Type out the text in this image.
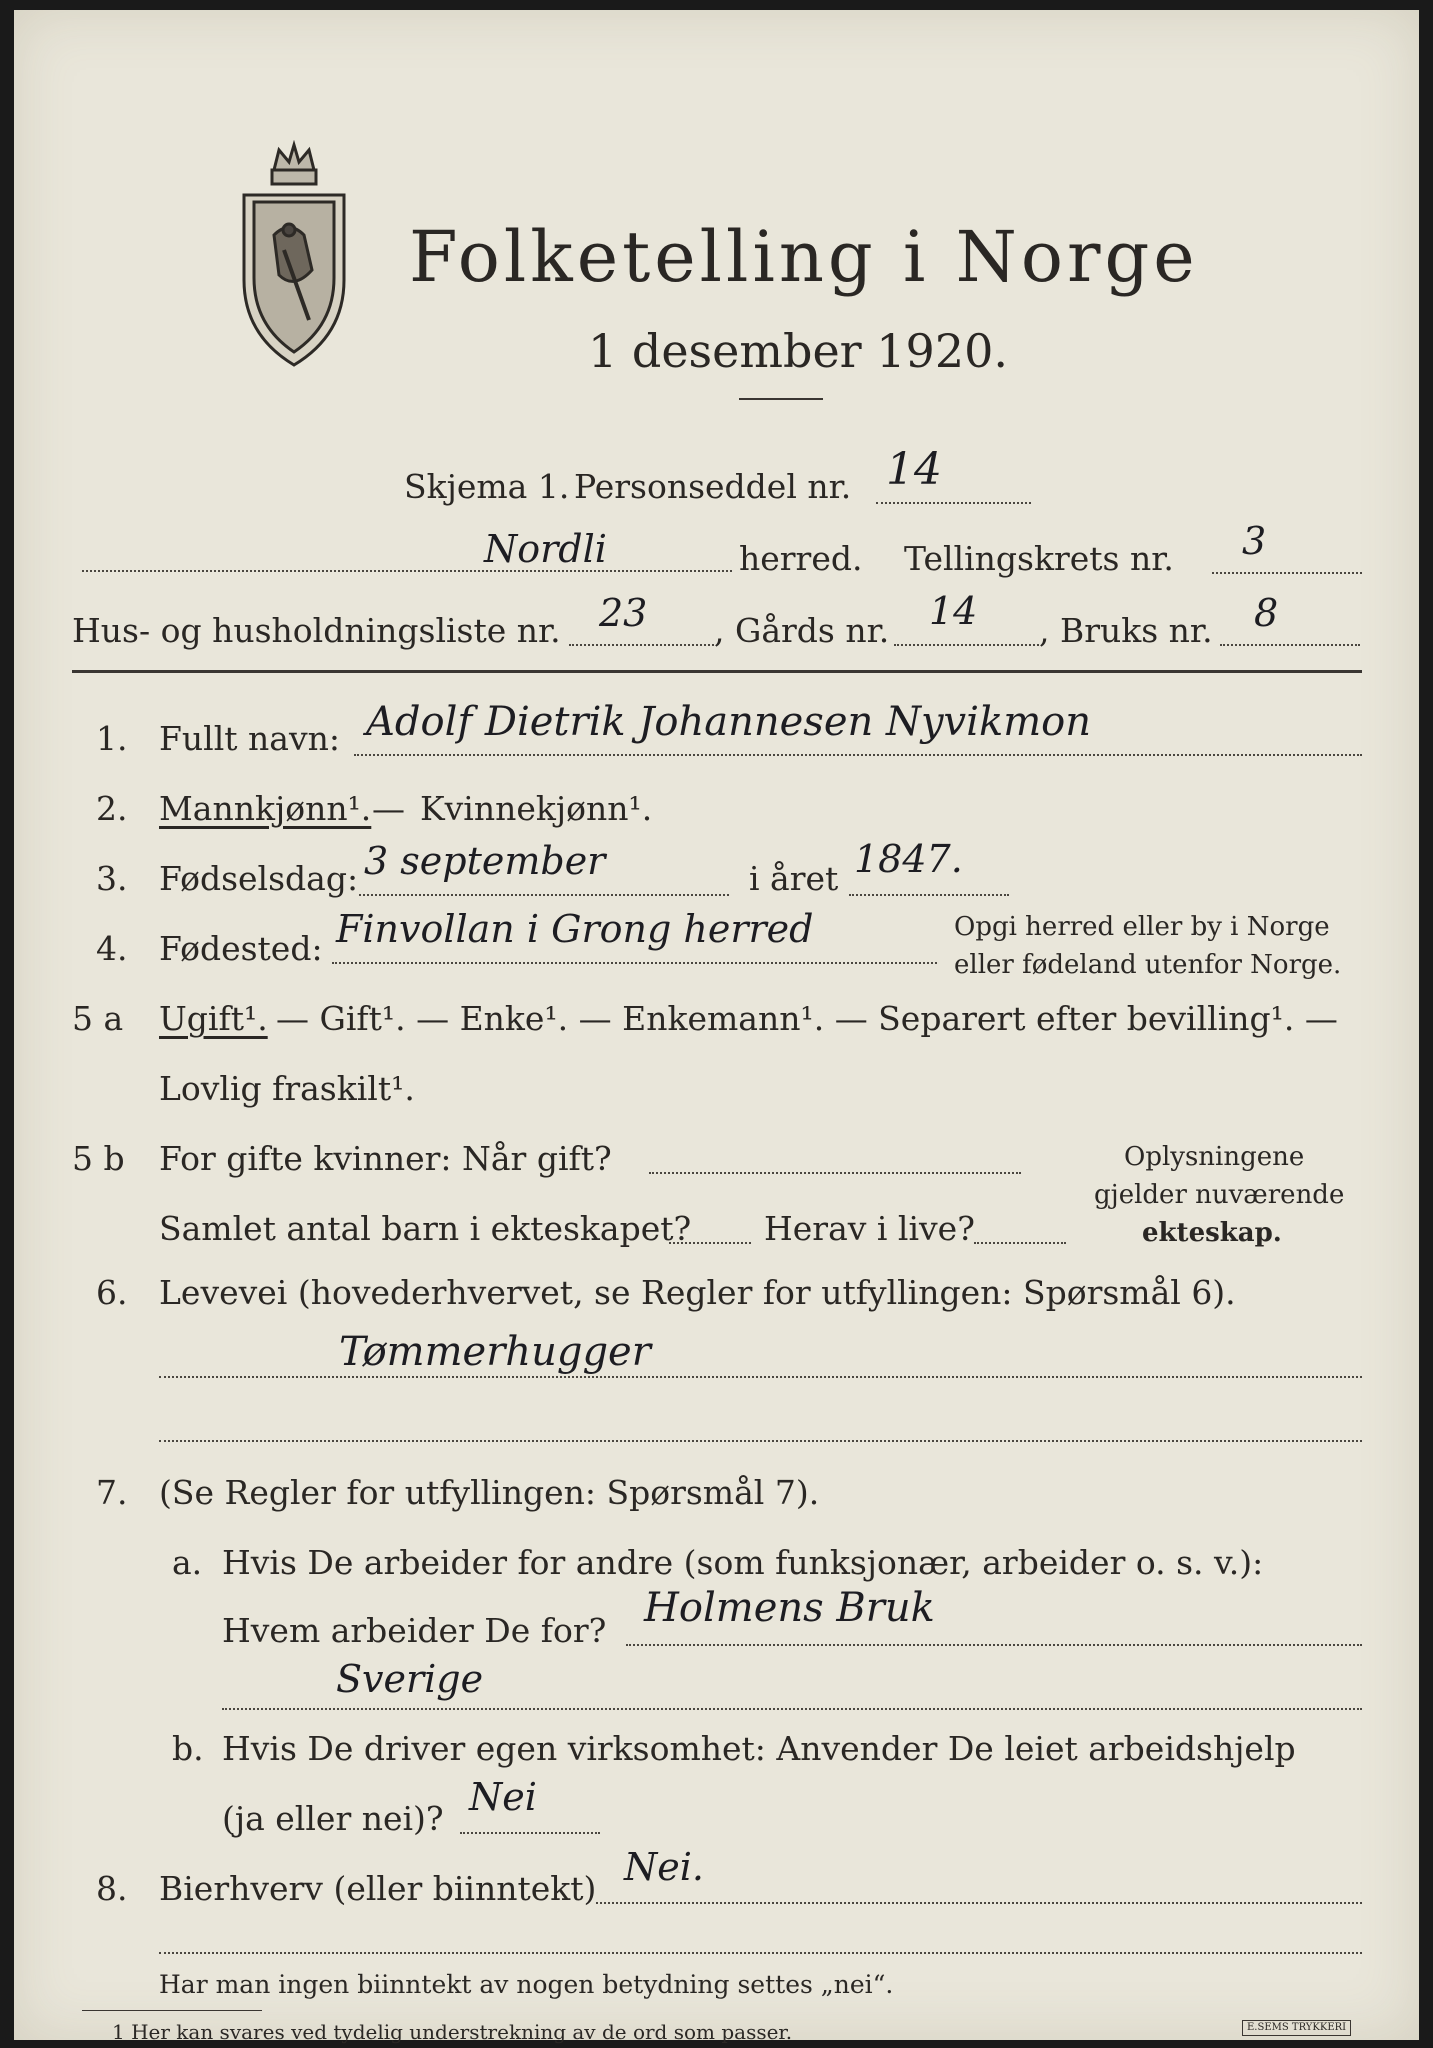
Folketelling i Norge
1 desember 1920.
Skjema 1. Personseddel nr. 14
Nordli	herred. Tellingskrets nr. 3
Hus- og husholdningsliste nr. 23 , Gårds nr. 14 , Bruks nr. 8
1. Fullt navn: Adolf Dietrik Johannesen Nyvikmon
2. Mannkjønn¹. — Kvinnekjønn¹.
3. Fødselsdag: 3 september	i året 1847.
4. Fødested: Finvollan i Grong herred	Opgi herred eller by i Norge
eller fødeland utenfor Norge.
5 a Ugift¹. — Gift¹. — Enke¹. — Enkemann¹. — Separert efter bevilling¹. —
Lovlig fraskilt¹.
5 b For gifte kvinner: Når gift?
Samlet antal barn i ekteskapet? Herav i live?
Oplysningene
gjelder nuværende
ekteskap.
6. Levevei (hovederhvervet, se Regler for utfyllingen: Spørsmål 6).
Tømmerhugger
7. (Se Regler for utfyllingen: Spørsmål 7).
a. Hvis De arbeider for andre (som funksjonær, arbeider o. s. v.):
Hvem arbeider De for? Holmens Bruk
Sverige
b. Hvis De driver egen virksomhet: Anvender De leiet arbeidshjelp
(ja eller nei)? Nei
8. Bierhverv (eller biinntekt) Nei.
Har man ingen biinntekt av nogen betydning settes „nei“.
1 Her kan svares ved tydelig understrekning av de ord som passer.	E.SEMS TRYKKERI
